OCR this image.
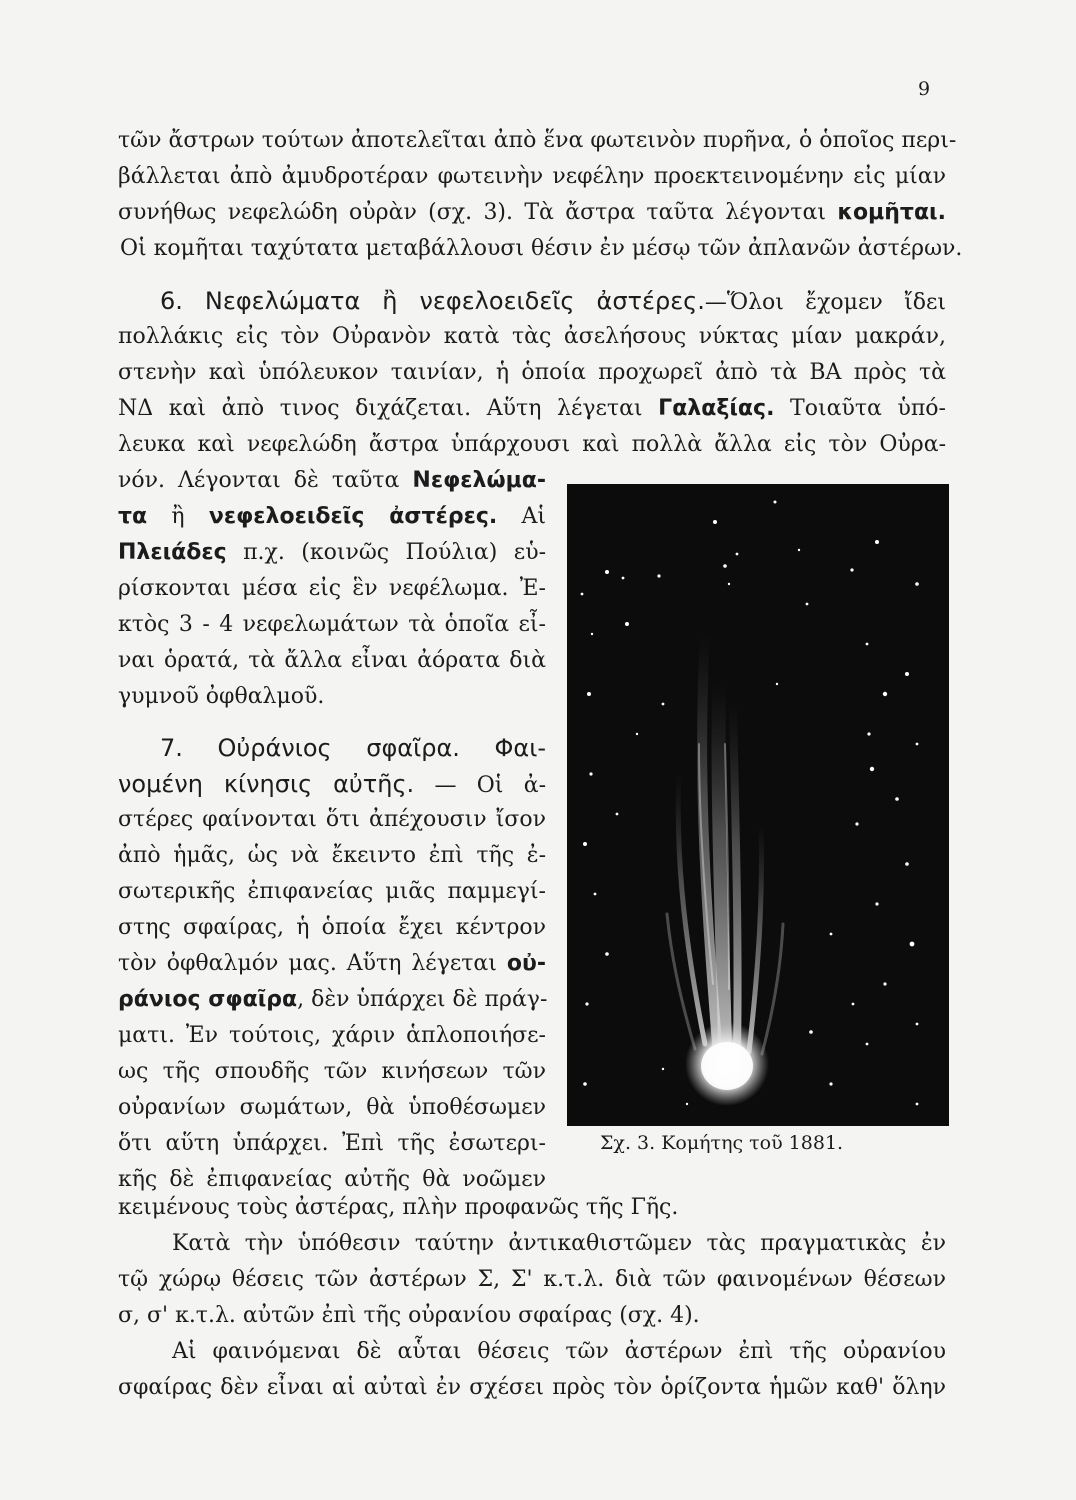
9
τῶν ἄστρων τούτων ἀποτελεῖται ἀπὸ ἕνα φωτεινὸν πυρῆνα, ὁ ὁποῖος περι-
βάλλεται ἀπὸ ἀμυδροτέραν φωτεινὴν νεφέλην προεκτεινομένην εἰς μίαν
συνήθως νεφελώδη οὐρὰν (σχ. 3). Τὰ ἄστρα ταῦτα λέγονται κομῆται.
Οἱ κομῆται ταχύτατα μεταβάλλουσι θέσιν ἐν μέσῳ τῶν ἀπλανῶν ἀστέρων.
6. Νεφελώματα ἢ νεφελοειδεῖς ἀστέρες.—Ὅλοι ἔχομεν ἴδει
πολλάκις εἰς τὸν Οὐρανὸν κατὰ τὰς ἀσελήσους νύκτας μίαν μακράν,
στενὴν καὶ ὑπόλευκον ταινίαν, ἡ ὁποία προχωρεῖ ἀπὸ τὰ ΒΑ πρὸς τὰ
ΝΔ καὶ ἀπὸ τινος διχάζεται. Αὕτη λέγεται Γαλαξίας. Τοιαῦτα ὑπό-
λευκα καὶ νεφελώδη ἄστρα ὑπάρχουσι καὶ πολλὰ ἄλλα εἰς τὸν Οὐρα-
νόν. Λέγονται δὲ ταῦτα Νεφελώμα-
τα ἢ νεφελοειδεῖς ἀστέρες. Αἱ
Πλειάδες π.χ. (κοινῶς Πούλια) εὑ-
ρίσκονται μέσα εἰς ἓν νεφέλωμα. Ἐ-
κτὸς 3 - 4 νεφελωμάτων τὰ ὁποῖα εἶ-
ναι ὁρατά, τὰ ἄλλα εἶναι ἀόρατα διὰ
γυμνοῦ ὀφθαλμοῦ.
7. Οὐράνιος σφαῖρα. Φαι-
νομένη κίνησις αὐτῆς. — Οἱ ἀ-
στέρες φαίνονται ὅτι ἀπέχουσιν ἴσον
ἀπὸ ἡμᾶς, ὡς νὰ ἔκειντο ἐπὶ τῆς ἐ-
σωτερικῆς ἐπιφανείας μιᾶς παμμεγί-
στης σφαίρας, ἡ ὁποία ἔχει κέντρον
τὸν ὀφθαλμόν μας. Αὕτη λέγεται οὐ-
ράνιος σφαῖρα, δὲν ὑπάρχει δὲ πράγ-
ματι. Ἐν τούτοις, χάριν ἁπλοποιήσε-
ως τῆς σπουδῆς τῶν κινήσεων τῶν
οὐρανίων σωμάτων, θὰ ὑποθέσωμεν
ὅτι αὕτη ὑπάρχει. Ἐπὶ τῆς ἐσωτερι-
κῆς δὲ ἐπιφανείας αὐτῆς θὰ νοῶμεν
κειμένους τοὺς ἀστέρας, πλὴν προφανῶς τῆς Γῆς.
Κατὰ τὴν ὑπόθεσιν ταύτην ἀντικαθιστῶμεν τὰς πραγματικὰς ἐν
τῷ χώρῳ θέσεις τῶν ἀστέρων Σ, Σ' κ.τ.λ. διὰ τῶν φαινομένων θέσεων
σ, σ' κ.τ.λ. αὐτῶν ἐπὶ τῆς οὐρανίου σφαίρας (σχ. 4).
Αἱ φαινόμεναι δὲ αὗται θέσεις τῶν ἀστέρων ἐπὶ τῆς οὐρανίου
σφαίρας δὲν εἶναι αἱ αὐταὶ ἐν σχέσει πρὸς τὸν ὁρίζοντα ἡμῶν καθ' ὅλην
Σχ. 3. Κομήτης τοῦ 1881.
